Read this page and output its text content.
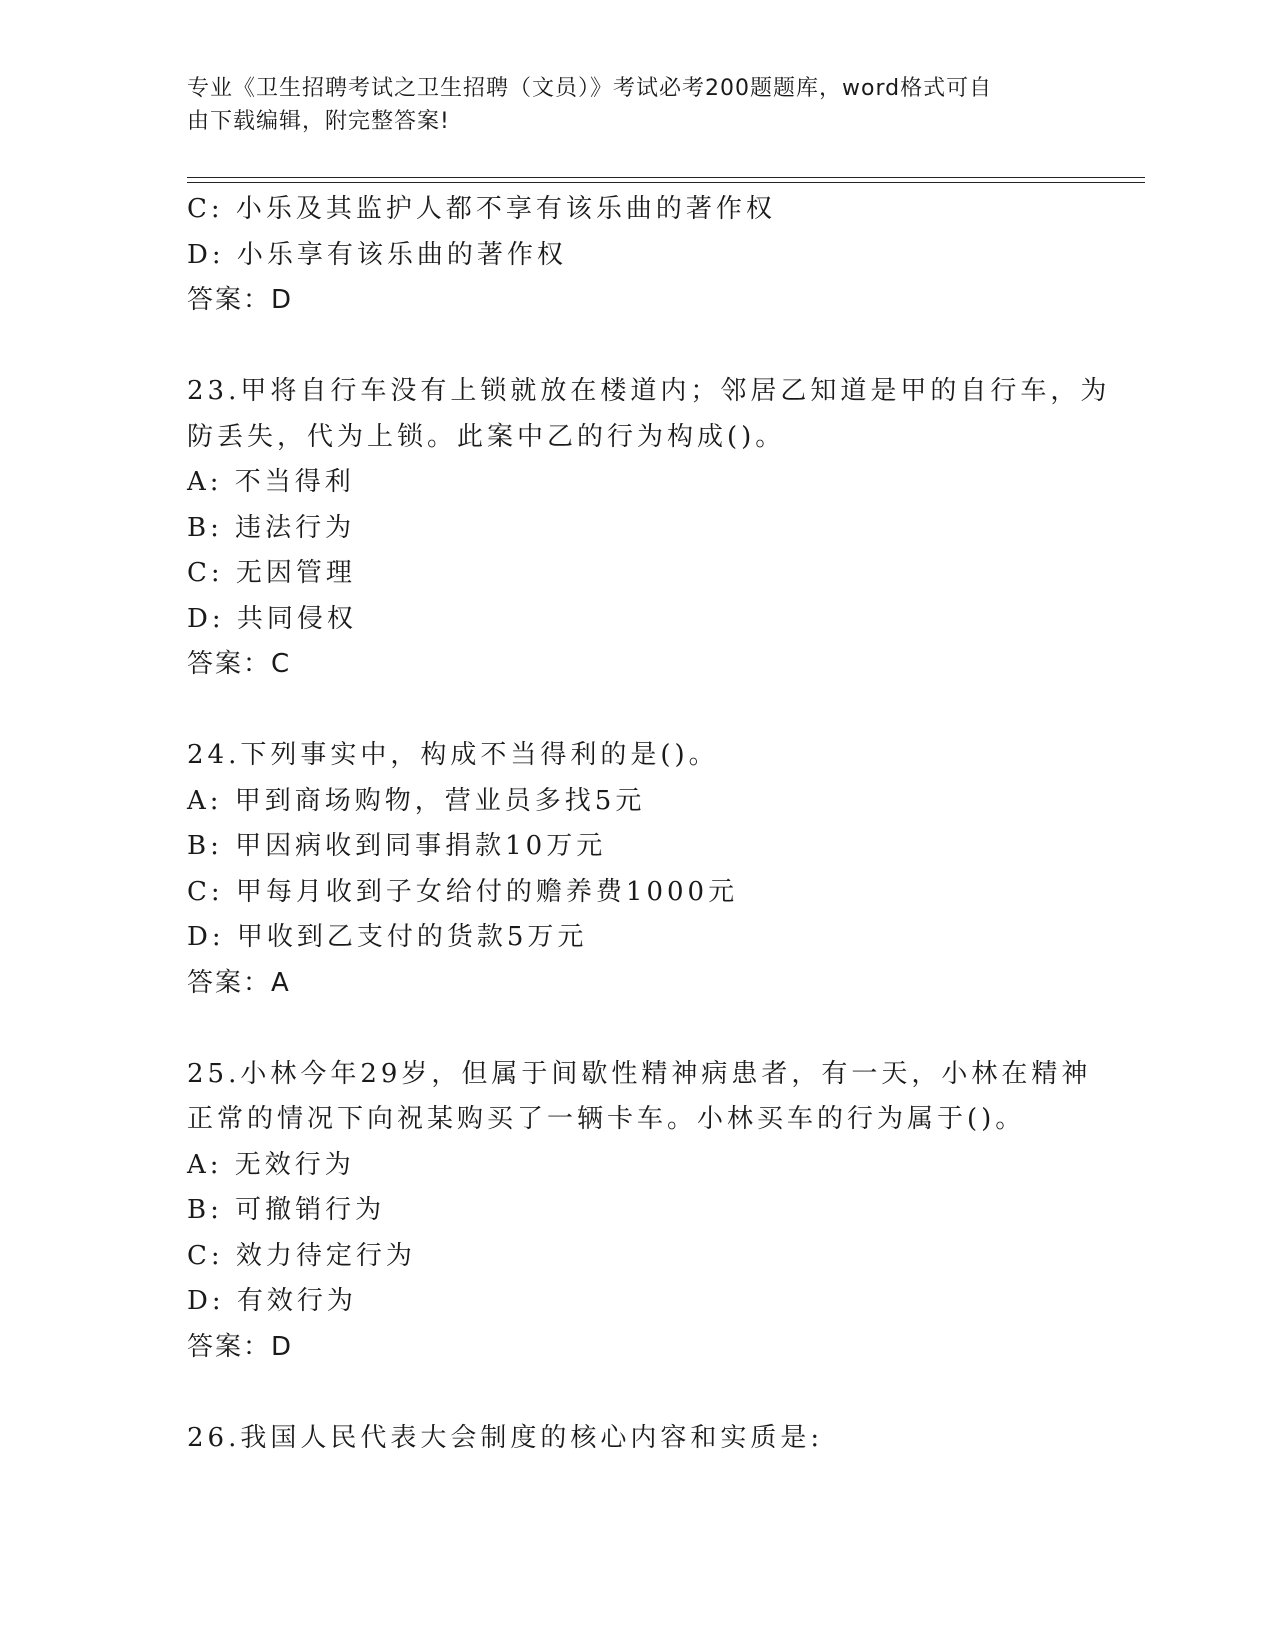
专业《卫生招聘考试之卫生招聘（文员）》考试必考200题题库，word格式可自
由下载编辑，附完整答案!
C: 小乐及其监护人都不享有该乐曲的著作权
D: 小乐享有该乐曲的著作权
答案：D
23.甲将自行车没有上锁就放在楼道内；邻居乙知道是甲的自行车，为
防丢失，代为上锁。此案中乙的行为构成()。
A: 不当得利
B: 违法行为
C: 无因管理
D: 共同侵权
答案：C
24.下列事实中，构成不当得利的是()。
A: 甲到商场购物，营业员多找5元
B: 甲因病收到同事捐款10万元
C: 甲每月收到子女给付的赡养费1000元
D: 甲收到乙支付的货款5万元
答案：A
25.小林今年29岁，但属于间歇性精神病患者，有一天，小林在精神
正常的情况下向祝某购买了一辆卡车。小林买车的行为属于()。
A: 无效行为
B: 可撤销行为
C: 效力待定行为
D: 有效行为
答案：D
26.我国人民代表大会制度的核心内容和实质是:
